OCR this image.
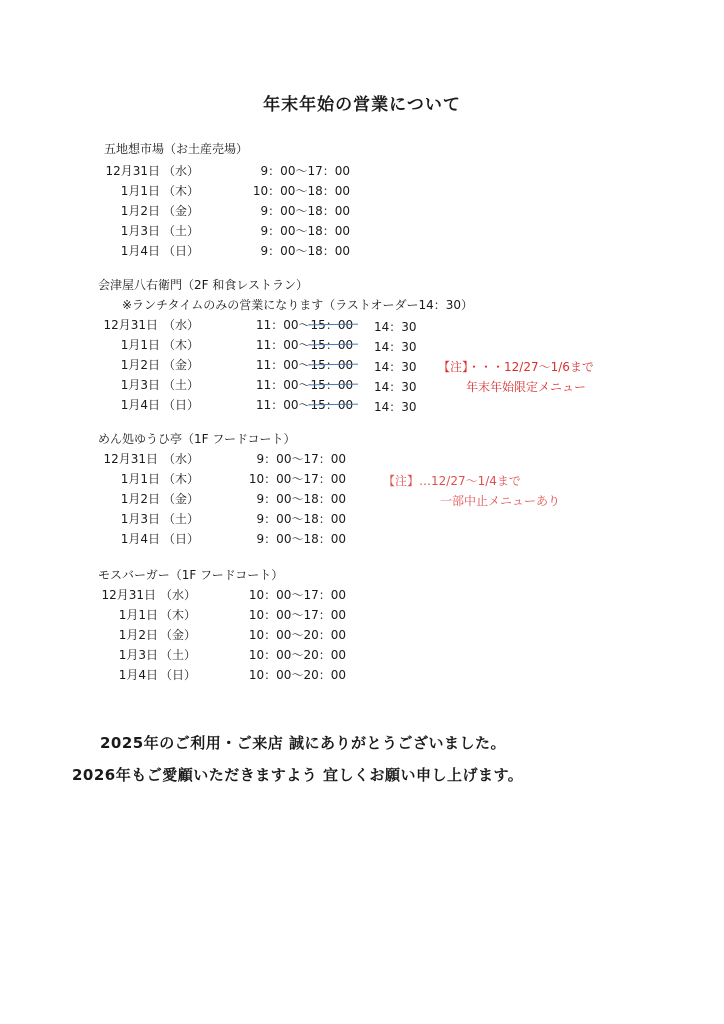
年末年始の営業について
五地想市場（お土産売場）
12月31日 （水）	9：00〜17：00
1月1日 （木）	10：00〜18：00
1月2日 （金）	9：00〜18：00
1月3日 （土）	9：00〜18：00
1月4日 （日）	9：00〜18：00
会津屋八右衛門（2F 和食レストラン）
※ランチタイムのみの営業になります（ラストオーダー14：30）
12月31日 （水）	11：00〜15：00 14：30
1月1日 （木）	11：00〜15：00 14：30
1月2日 （金）	11：00〜15：00 14：30
1月3日 （土）	11：00〜15：00 14：30
1月4日 （日）	11：00〜15：00 14：30
【注】・・・12/27〜1/6まで
年末年始限定メニュー
めん処ゆうひ亭（1F フードコート）
12月31日 （水）	9：00〜17：00
1月1日 （木）	10：00〜17：00
1月2日 （金）	9：00〜18：00
1月3日 （土）	9：00〜18：00
1月4日 （日）	9：00〜18：00
【注】…12/27〜1/4まで
一部中止メニューあり
モスバーガー（1F フードコート）
12月31日 （水）	10：00〜17：00
1月1日 （木）	10：00〜17：00
1月2日 （金）	10：00〜20：00
1月3日 （土）	10：00〜20：00
1月4日 （日）	10：00〜20：00
2025年のご利用・ご来店 誠にありがとうございました。
2026年もご愛顧いただきますよう 宜しくお願い申し上げます。
